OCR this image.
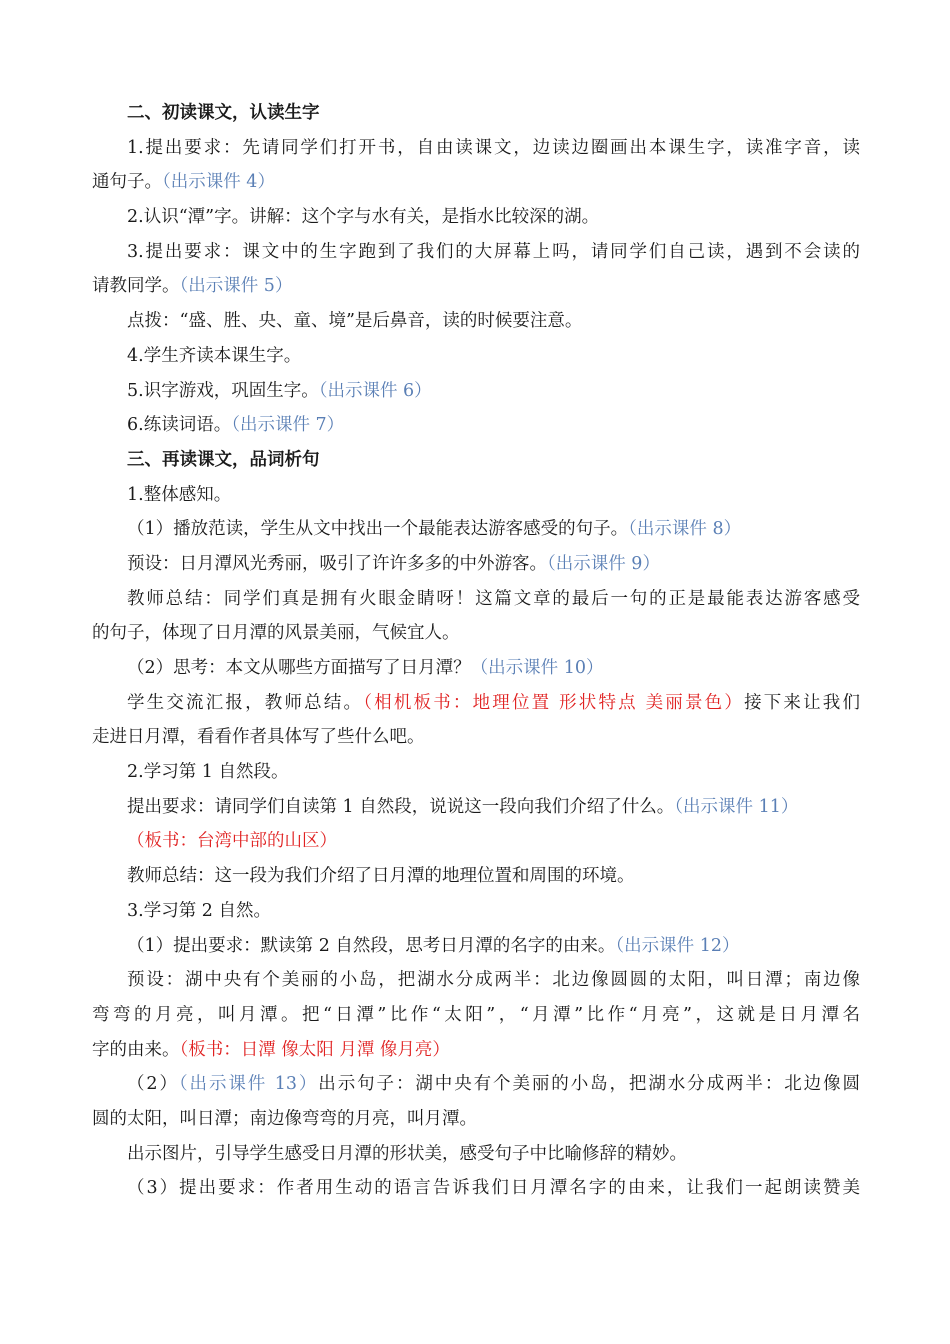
二、初读课文，认读生字
1.提出要求：先请同学们打开书，自由读课文，边读边圈画出本课生字，读准字音，读
通句子。（出示课件 4）
2.认识“潭”字。讲解：这个字与水有关，是指水比较深的湖。
3.提出要求：课文中的生字跑到了我们的大屏幕上吗，请同学们自己读，遇到不会读的
请教同学。（出示课件 5）
点拨：“盛、胜、央、童、境”是后鼻音，读的时候要注意。
4.学生齐读本课生字。
5.识字游戏，巩固生字。（出示课件 6）
6.练读词语。（出示课件 7）
三、再读课文，品词析句
1.整体感知。
（1）播放范读，学生从文中找出一个最能表达游客感受的句子。（出示课件 8）
预设：日月潭风光秀丽，吸引了许许多多的中外游客。（出示课件 9）
教师总结：同学们真是拥有火眼金睛呀！这篇文章的最后一句的正是最能表达游客感受
的句子，体现了日月潭的风景美丽，气候宜人。
（2）思考：本文从哪些方面描写了日月潭？（出示课件 10）
学生交流汇报，教师总结。（相机板书：地理位置 形状特点 美丽景色）接下来让我们
走进日月潭，看看作者具体写了些什么吧。
2.学习第 1 自然段。
提出要求：请同学们自读第 1 自然段，说说这一段向我们介绍了什么。（出示课件 11）
（板书：台湾中部的山区）
教师总结：这一段为我们介绍了日月潭的地理位置和周围的环境。
3.学习第 2 自然。
（1）提出要求：默读第 2 自然段，思考日月潭的名字的由来。（出示课件 12）
预设：湖中央有个美丽的小岛，把湖水分成两半：北边像圆圆的太阳，叫日潭；南边像
弯弯的月亮，叫月潭。把“日潭”比作“太阳”，“月潭”比作“月亮”，这就是日月潭名
字的由来。（板书：日潭 像太阳 月潭 像月亮）
（2）（出示课件 13）出示句子：湖中央有个美丽的小岛，把湖水分成两半：北边像圆
圆的太阳，叫日潭；南边像弯弯的月亮，叫月潭。
出示图片，引导学生感受日月潭的形状美，感受句子中比喻修辞的精妙。
（3）提出要求：作者用生动的语言告诉我们日月潭名字的由来，让我们一起朗读赞美
